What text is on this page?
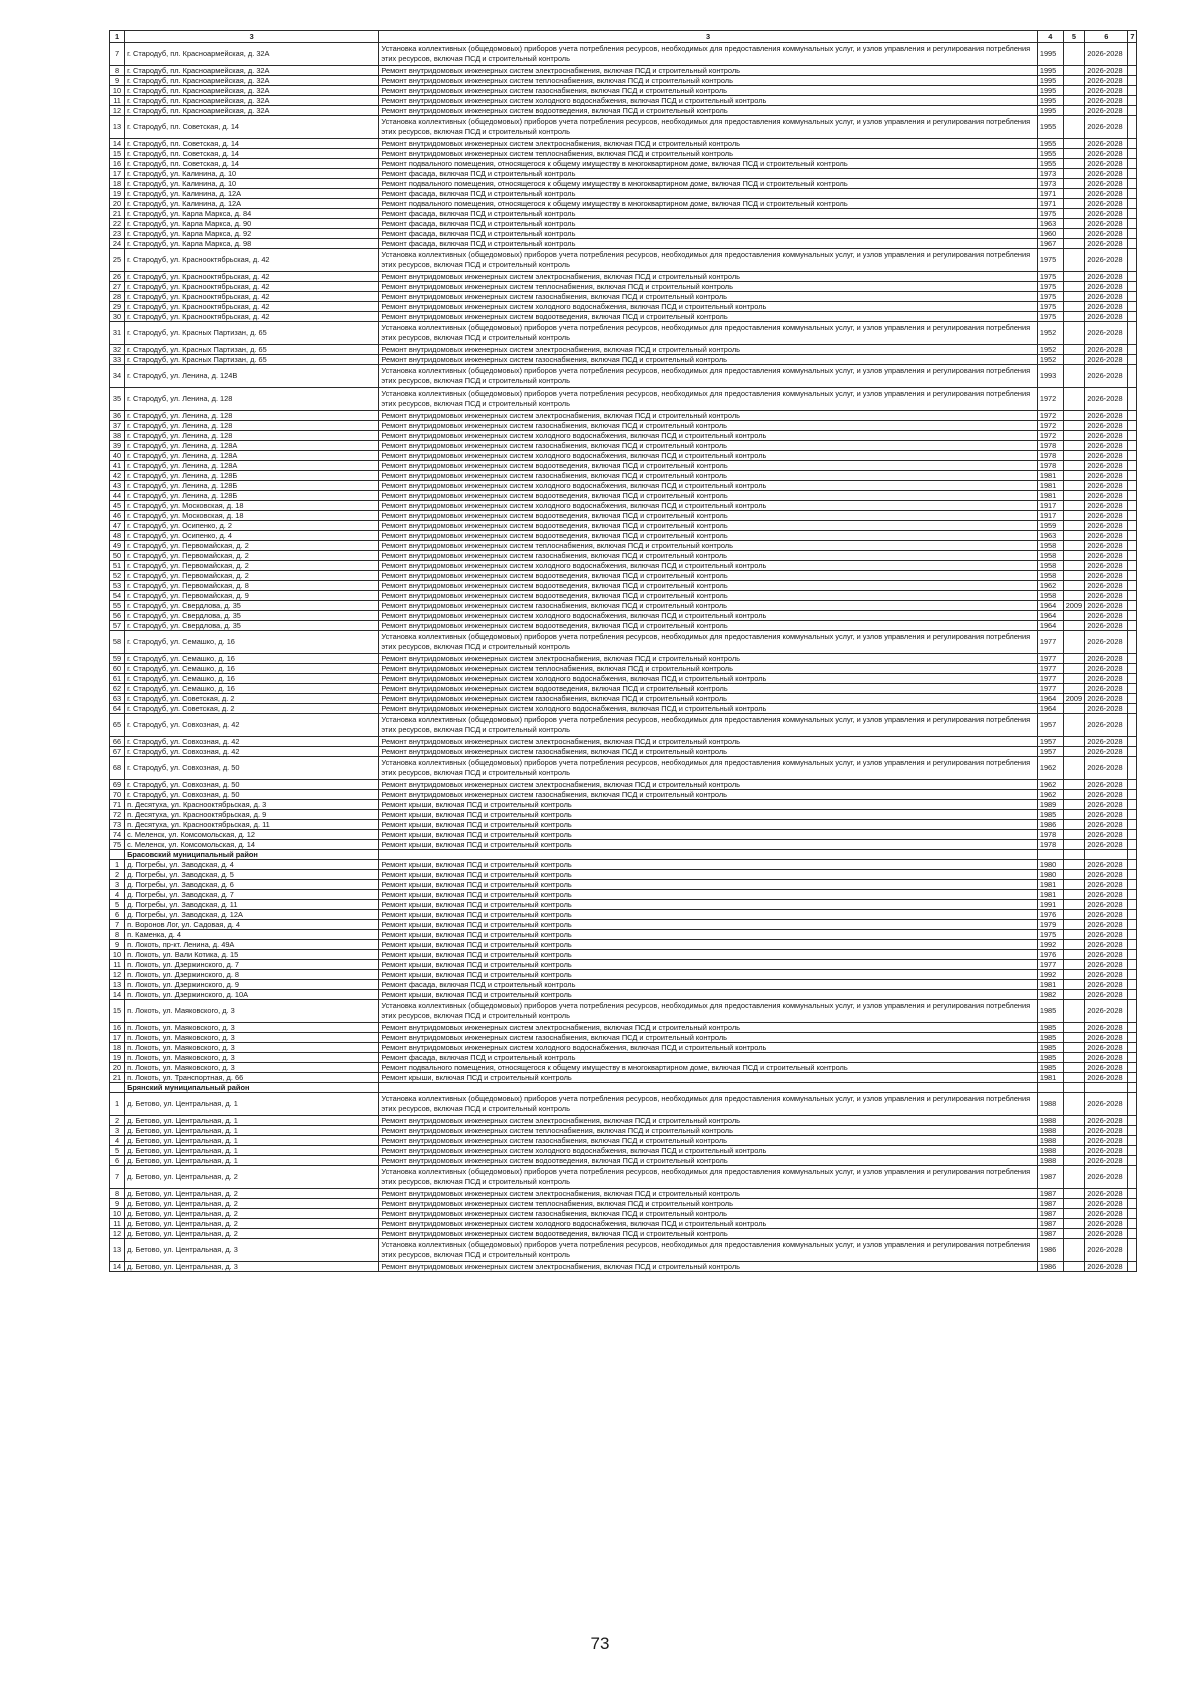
1	3	3	4	5	6	7
7	г. Стародуб, пл. Красноармейская, д. 32А	Установка коллективных (общедомовых) приборов учета потребления ресурсов, необходимых для предоставления коммунальных услуг, и узлов управления и регулирования потребления этих ресурсов, включая ПСД и строительный контроль	1995		2026-2028	
8	г. Стародуб, пл. Красноармейская, д. 32А	Ремонт внутридомовых инженерных систем электроснабжения, включая ПСД и строительный контроль	1995		2026-2028	
9	г. Стародуб, пл. Красноармейская, д. 32А	Ремонт внутридомовых инженерных систем теплоснабжения, включая ПСД и строительный контроль	1995		2026-2028	
10	г. Стародуб, пл. Красноармейская, д. 32А	Ремонт внутридомовых инженерных систем газоснабжения, включая ПСД и строительный контроль	1995		2026-2028	
11	г. Стародуб, пл. Красноармейская, д. 32А	Ремонт внутридомовых инженерных систем холодного водоснабжения, включая ПСД и строительный контроль	1995		2026-2028	
12	г. Стародуб, пл. Красноармейская, д. 32А	Ремонт внутридомовых инженерных систем водоотведения, включая ПСД и строительный контроль	1995		2026-2028	
13	г. Стародуб, пл. Советская, д. 14	Установка коллективных (общедомовых) приборов учета потребления ресурсов, необходимых для предоставления коммунальных услуг, и узлов управления и регулирования потребления этих ресурсов, включая ПСД и строительный контроль	1955		2026-2028	
14	г. Стародуб, пл. Советская, д. 14	Ремонт внутридомовых инженерных систем электроснабжения, включая ПСД и строительный контроль	1955		2026-2028	
15	г. Стародуб, пл. Советская, д. 14	Ремонт внутридомовых инженерных систем теплоснабжения, включая ПСД и строительный контроль	1955		2026-2028	
16	г. Стародуб, пл. Советская, д. 14	Ремонт подвального помещения, относящегося к общему имуществу в многоквартирном доме, включая ПСД и строительный контроль	1955		2026-2028	
17	г. Стародуб, ул. Калинина, д. 10	Ремонт фасада, включая ПСД и строительный контроль	1973		2026-2028	
18	г. Стародуб, ул. Калинина, д. 10	Ремонт подвального помещения, относящегося к общему имуществу в многоквартирном доме, включая ПСД и строительный контроль	1973		2026-2028	
19	г. Стародуб, ул. Калинина, д. 12А	Ремонт фасада, включая ПСД и строительный контроль	1971		2026-2028	
20	г. Стародуб, ул. Калинина, д. 12А	Ремонт подвального помещения, относящегося к общему имуществу в многоквартирном доме, включая ПСД и строительный контроль	1971		2026-2028	
21	г. Стародуб, ул. Карла Маркса, д. 84	Ремонт фасада, включая ПСД и строительный контроль	1975		2026-2028	
22	г. Стародуб, ул. Карла Маркса, д. 90	Ремонт фасада, включая ПСД и строительный контроль	1963		2026-2028	
23	г. Стародуб, ул. Карла Маркса, д. 92	Ремонт фасада, включая ПСД и строительный контроль	1960		2026-2028	
24	г. Стародуб, ул. Карла Маркса, д. 98	Ремонт фасада, включая ПСД и строительный контроль	1967		2026-2028	
25	г. Стародуб, ул. Краснооктябрьская, д. 42	Установка коллективных (общедомовых) приборов учета потребления ресурсов, необходимых для предоставления коммунальных услуг, и узлов управления и регулирования потребления этих ресурсов, включая ПСД и строительный контроль	1975		2026-2028	
26	г. Стародуб, ул. Краснооктябрьская, д. 42	Ремонт внутридомовых инженерных систем электроснабжения, включая ПСД и строительный контроль	1975		2026-2028	
27	г. Стародуб, ул. Краснооктябрьская, д. 42	Ремонт внутридомовых инженерных систем теплоснабжения, включая ПСД и строительный контроль	1975		2026-2028	
28	г. Стародуб, ул. Краснооктябрьская, д. 42	Ремонт внутридомовых инженерных систем газоснабжения, включая ПСД и строительный контроль	1975		2026-2028	
29	г. Стародуб, ул. Краснооктябрьская, д. 42	Ремонт внутридомовых инженерных систем холодного водоснабжения, включая ПСД и строительный контроль	1975		2026-2028	
30	г. Стародуб, ул. Краснооктябрьская, д. 42	Ремонт внутридомовых инженерных систем водоотведения, включая ПСД и строительный контроль	1975		2026-2028	
31	г. Стародуб, ул. Красных Партизан, д. 65	Установка коллективных (общедомовых) приборов учета потребления ресурсов, необходимых для предоставления коммунальных услуг, и узлов управления и регулирования потребления этих ресурсов, включая ПСД и строительный контроль	1952		2026-2028	
32	г. Стародуб, ул. Красных Партизан, д. 65	Ремонт внутридомовых инженерных систем электроснабжения, включая ПСД и строительный контроль	1952		2026-2028	
33	г. Стародуб, ул. Красных Партизан, д. 65	Ремонт внутридомовых инженерных систем газоснабжения, включая ПСД и строительный контроль	1952		2026-2028	
34	г. Стародуб, ул. Ленина, д. 124В	Установка коллективных (общедомовых) приборов учета потребления ресурсов, необходимых для предоставления коммунальных услуг, и узлов управления и регулирования потребления этих ресурсов, включая ПСД и строительный контроль	1993		2026-2028	
35	г. Стародуб, ул. Ленина, д. 128	Установка коллективных (общедомовых) приборов учета потребления ресурсов, необходимых для предоставления коммунальных услуг, и узлов управления и регулирования потребления этих ресурсов, включая ПСД и строительный контроль	1972		2026-2028	
36	г. Стародуб, ул. Ленина, д. 128	Ремонт внутридомовых инженерных систем электроснабжения, включая ПСД и строительный контроль	1972		2026-2028	
37	г. Стародуб, ул. Ленина, д. 128	Ремонт внутридомовых инженерных систем газоснабжения, включая ПСД и строительный контроль	1972		2026-2028	
38	г. Стародуб, ул. Ленина, д. 128	Ремонт внутридомовых инженерных систем холодного водоснабжения, включая ПСД и строительный контроль	1972		2026-2028	
39	г. Стародуб, ул. Ленина, д. 128А	Ремонт внутридомовых инженерных систем газоснабжения, включая ПСД и строительный контроль	1978		2026-2028	
40	г. Стародуб, ул. Ленина, д. 128А	Ремонт внутридомовых инженерных систем холодного водоснабжения, включая ПСД и строительный контроль	1978		2026-2028	
41	г. Стародуб, ул. Ленина, д. 128А	Ремонт внутридомовых инженерных систем водоотведения, включая ПСД и строительный контроль	1978		2026-2028	
42	г. Стародуб, ул. Ленина, д. 128Б	Ремонт внутридомовых инженерных систем газоснабжения, включая ПСД и строительный контроль	1981		2026-2028	
43	г. Стародуб, ул. Ленина, д. 128Б	Ремонт внутридомовых инженерных систем холодного водоснабжения, включая ПСД и строительный контроль	1981		2026-2028	
44	г. Стародуб, ул. Ленина, д. 128Б	Ремонт внутридомовых инженерных систем водоотведения, включая ПСД и строительный контроль	1981		2026-2028	
45	г. Стародуб, ул. Московская, д. 18	Ремонт внутридомовых инженерных систем холодного водоснабжения, включая ПСД и строительный контроль	1917		2026-2028	
46	г. Стародуб, ул. Московская, д. 18	Ремонт внутридомовых инженерных систем водоотведения, включая ПСД и строительный контроль	1917		2026-2028	
47	г. Стародуб, ул. Осипенко, д. 2	Ремонт внутридомовых инженерных систем водоотведения, включая ПСД и строительный контроль	1959		2026-2028	
48	г. Стародуб, ул. Осипенко, д. 4	Ремонт внутридомовых инженерных систем водоотведения, включая ПСД и строительный контроль	1963		2026-2028	
49	г. Стародуб, ул. Первомайская, д. 2	Ремонт внутридомовых инженерных систем теплоснабжения, включая ПСД и строительный контроль	1958		2026-2028	
50	г. Стародуб, ул. Первомайская, д. 2	Ремонт внутридомовых инженерных систем газоснабжения, включая ПСД и строительный контроль	1958		2026-2028	
51	г. Стародуб, ул. Первомайская, д. 2	Ремонт внутридомовых инженерных систем холодного водоснабжения, включая ПСД и строительный контроль	1958		2026-2028	
52	г. Стародуб, ул. Первомайская, д. 2	Ремонт внутридомовых инженерных систем водоотведения, включая ПСД и строительный контроль	1958		2026-2028	
53	г. Стародуб, ул. Первомайская, д. 8	Ремонт внутридомовых инженерных систем водоотведения, включая ПСД и строительный контроль	1962		2026-2028	
54	г. Стародуб, ул. Первомайская, д. 9	Ремонт внутридомовых инженерных систем водоотведения, включая ПСД и строительный контроль	1958		2026-2028	
55	г. Стародуб, ул. Свердлова, д. 35	Ремонт внутридомовых инженерных систем газоснабжения, включая ПСД и строительный контроль	1964	2009	2026-2028	
56	г. Стародуб, ул. Свердлова, д. 35	Ремонт внутридомовых инженерных систем холодного водоснабжения, включая ПСД и строительный контроль	1964		2026-2028	
57	г. Стародуб, ул. Свердлова, д. 35	Ремонт внутридомовых инженерных систем водоотведения, включая ПСД и строительный контроль	1964		2026-2028	
58	г. Стародуб, ул. Семашко, д. 16	Установка коллективных (общедомовых) приборов учета потребления ресурсов, необходимых для предоставления коммунальных услуг, и узлов управления и регулирования потребления этих ресурсов, включая ПСД и строительный контроль	1977		2026-2028	
59	г. Стародуб, ул. Семашко, д. 16	Ремонт внутридомовых инженерных систем электроснабжения, включая ПСД и строительный контроль	1977		2026-2028	
60	г. Стародуб, ул. Семашко, д. 16	Ремонт внутридомовых инженерных систем теплоснабжения, включая ПСД и строительный контроль	1977		2026-2028	
61	г. Стародуб, ул. Семашко, д. 16	Ремонт внутридомовых инженерных систем холодного водоснабжения, включая ПСД и строительный контроль	1977		2026-2028	
62	г. Стародуб, ул. Семашко, д. 16	Ремонт внутридомовых инженерных систем водоотведения, включая ПСД и строительный контроль	1977		2026-2028	
63	г. Стародуб, ул. Советская, д. 2	Ремонт внутридомовых инженерных систем газоснабжения, включая ПСД и строительный контроль	1964	2009	2026-2028	
64	г. Стародуб, ул. Советская, д. 2	Ремонт внутридомовых инженерных систем холодного водоснабжения, включая ПСД и строительный контроль	1964		2026-2028	
65	г. Стародуб, ул. Совхозная, д. 42	Установка коллективных (общедомовых) приборов учета потребления ресурсов, необходимых для предоставления коммунальных услуг, и узлов управления и регулирования потребления этих ресурсов, включая ПСД и строительный контроль	1957		2026-2028	
66	г. Стародуб, ул. Совхозная, д. 42	Ремонт внутридомовых инженерных систем электроснабжения, включая ПСД и строительный контроль	1957		2026-2028	
67	г. Стародуб, ул. Совхозная, д. 42	Ремонт внутридомовых инженерных систем газоснабжения, включая ПСД и строительный контроль	1957		2026-2028	
68	г. Стародуб, ул. Совхозная, д. 50	Установка коллективных (общедомовых) приборов учета потребления ресурсов, необходимых для предоставления коммунальных услуг, и узлов управления и регулирования потребления этих ресурсов, включая ПСД и строительный контроль	1962		2026-2028	
69	г. Стародуб, ул. Совхозная, д. 50	Ремонт внутридомовых инженерных систем электроснабжения, включая ПСД и строительный контроль	1962		2026-2028	
70	г. Стародуб, ул. Совхозная, д. 50	Ремонт внутридомовых инженерных систем газоснабжения, включая ПСД и строительный контроль	1962		2026-2028	
71	п. Десятуха, ул. Краснооктябрьская, д. 3	Ремонт крыши, включая ПСД и строительный контроль	1989		2026-2028	
72	п. Десятуха, ул. Краснооктябрьская, д. 9	Ремонт крыши, включая ПСД и строительный контроль	1985		2026-2028	
73	п. Десятуха, ул. Краснооктябрьская, д. 11	Ремонт крыши, включая ПСД и строительный контроль	1986		2026-2028	
74	с. Меленск, ул. Комсомольская, д. 12	Ремонт крыши, включая ПСД и строительный контроль	1978		2026-2028	
75	с. Меленск, ул. Комсомольская, д. 14	Ремонт крыши, включая ПСД и строительный контроль	1978		2026-2028	
	Брасовский муниципальный район					
1	д. Погребы, ул. Заводская, д. 4	Ремонт крыши, включая ПСД и строительный контроль	1980		2026-2028	
2	д. Погребы, ул. Заводская, д. 5	Ремонт крыши, включая ПСД и строительный контроль	1980		2026-2028	
3	д. Погребы, ул. Заводская, д. 6	Ремонт крыши, включая ПСД и строительный контроль	1981		2026-2028	
4	д. Погребы, ул. Заводская, д. 7	Ремонт крыши, включая ПСД и строительный контроль	1981		2026-2028	
5	д. Погребы, ул. Заводская, д. 11	Ремонт крыши, включая ПСД и строительный контроль	1991		2026-2028	
6	д. Погребы, ул. Заводская, д. 12А	Ремонт крыши, включая ПСД и строительный контроль	1976		2026-2028	
7	п. Воронов Лог, ул. Садовая, д. 4	Ремонт крыши, включая ПСД и строительный контроль	1979		2026-2028	
8	п. Каменка, д. 4	Ремонт крыши, включая ПСД и строительный контроль	1975		2026-2028	
9	п. Локоть, пр-кт. Ленина, д. 49А	Ремонт крыши, включая ПСД и строительный контроль	1992		2026-2028	
10	п. Локоть, ул. Вали Котика, д. 15	Ремонт крыши, включая ПСД и строительный контроль	1976		2026-2028	
11	п. Локоть, ул. Дзержинского, д. 7	Ремонт крыши, включая ПСД и строительный контроль	1977		2026-2028	
12	п. Локоть, ул. Дзержинского, д. 8	Ремонт крыши, включая ПСД и строительный контроль	1992		2026-2028	
13	п. Локоть, ул. Дзержинского, д. 9	Ремонт фасада, включая ПСД и строительный контроль	1981		2026-2028	
14	п. Локоть, ул. Дзержинского, д. 10А	Ремонт крыши, включая ПСД и строительный контроль	1982		2026-2028	
15	п. Локоть, ул. Маяковского, д. 3	Установка коллективных (общедомовых) приборов учета потребления ресурсов, необходимых для предоставления коммунальных услуг, и узлов управления и регулирования потребления этих ресурсов, включая ПСД и строительный контроль	1985		2026-2028	
16	п. Локоть, ул. Маяковского, д. 3	Ремонт внутридомовых инженерных систем электроснабжения, включая ПСД и строительный контроль	1985		2026-2028	
17	п. Локоть, ул. Маяковского, д. 3	Ремонт внутридомовых инженерных систем газоснабжения, включая ПСД и строительный контроль	1985		2026-2028	
18	п. Локоть, ул. Маяковского, д. 3	Ремонт внутридомовых инженерных систем холодного водоснабжения, включая ПСД и строительный контроль	1985		2026-2028	
19	п. Локоть, ул. Маяковского, д. 3	Ремонт фасада, включая ПСД и строительный контроль	1985		2026-2028	
20	п. Локоть, ул. Маяковского, д. 3	Ремонт подвального помещения, относящегося к общему имуществу в многоквартирном доме, включая ПСД и строительный контроль	1985		2026-2028	
21	п. Локоть, ул. Транспортная, д. 66	Ремонт крыши, включая ПСД и строительный контроль	1981		2026-2028	
	Брянский муниципальный район					
1	д. Бетово, ул. Центральная, д. 1	Установка коллективных (общедомовых) приборов учета потребления ресурсов, необходимых для предоставления коммунальных услуг, и узлов управления и регулирования потребления этих ресурсов, включая ПСД и строительный контроль	1988		2026-2028	
2	д. Бетово, ул. Центральная, д. 1	Ремонт внутридомовых инженерных систем электроснабжения, включая ПСД и строительный контроль	1988		2026-2028	
3	д. Бетово, ул. Центральная, д. 1	Ремонт внутридомовых инженерных систем теплоснабжения, включая ПСД и строительный контроль	1988		2026-2028	
4	д. Бетово, ул. Центральная, д. 1	Ремонт внутридомовых инженерных систем газоснабжения, включая ПСД и строительный контроль	1988		2026-2028	
5	д. Бетово, ул. Центральная, д. 1	Ремонт внутридомовых инженерных систем холодного водоснабжения, включая ПСД и строительный контроль	1988		2026-2028	
6	д. Бетово, ул. Центральная, д. 1	Ремонт внутридомовых инженерных систем водоотведения, включая ПСД и строительный контроль	1988		2026-2028	
7	д. Бетово, ул. Центральная, д. 2	Установка коллективных (общедомовых) приборов учета потребления ресурсов, необходимых для предоставления коммунальных услуг, и узлов управления и регулирования потребления этих ресурсов, включая ПСД и строительный контроль	1987		2026-2028	
8	д. Бетово, ул. Центральная, д. 2	Ремонт внутридомовых инженерных систем электроснабжения, включая ПСД и строительный контроль	1987		2026-2028	
9	д. Бетово, ул. Центральная, д. 2	Ремонт внутридомовых инженерных систем теплоснабжения, включая ПСД и строительный контроль	1987		2026-2028	
10	д. Бетово, ул. Центральная, д. 2	Ремонт внутридомовых инженерных систем газоснабжения, включая ПСД и строительный контроль	1987		2026-2028	
11	д. Бетово, ул. Центральная, д. 2	Ремонт внутридомовых инженерных систем холодного водоснабжения, включая ПСД и строительный контроль	1987		2026-2028	
12	д. Бетово, ул. Центральная, д. 2	Ремонт внутридомовых инженерных систем водоотведения, включая ПСД и строительный контроль	1987		2026-2028	
13	д. Бетово, ул. Центральная, д. 3	Установка коллективных (общедомовых) приборов учета потребления ресурсов, необходимых для предоставления коммунальных услуг, и узлов управления и регулирования потребления этих ресурсов, включая ПСД и строительный контроль	1986		2026-2028	
14	д. Бетово, ул. Центральная, д. 3	Ремонт внутридомовых инженерных систем электроснабжения, включая ПСД и строительный контроль	1986		2026-2028	
73
